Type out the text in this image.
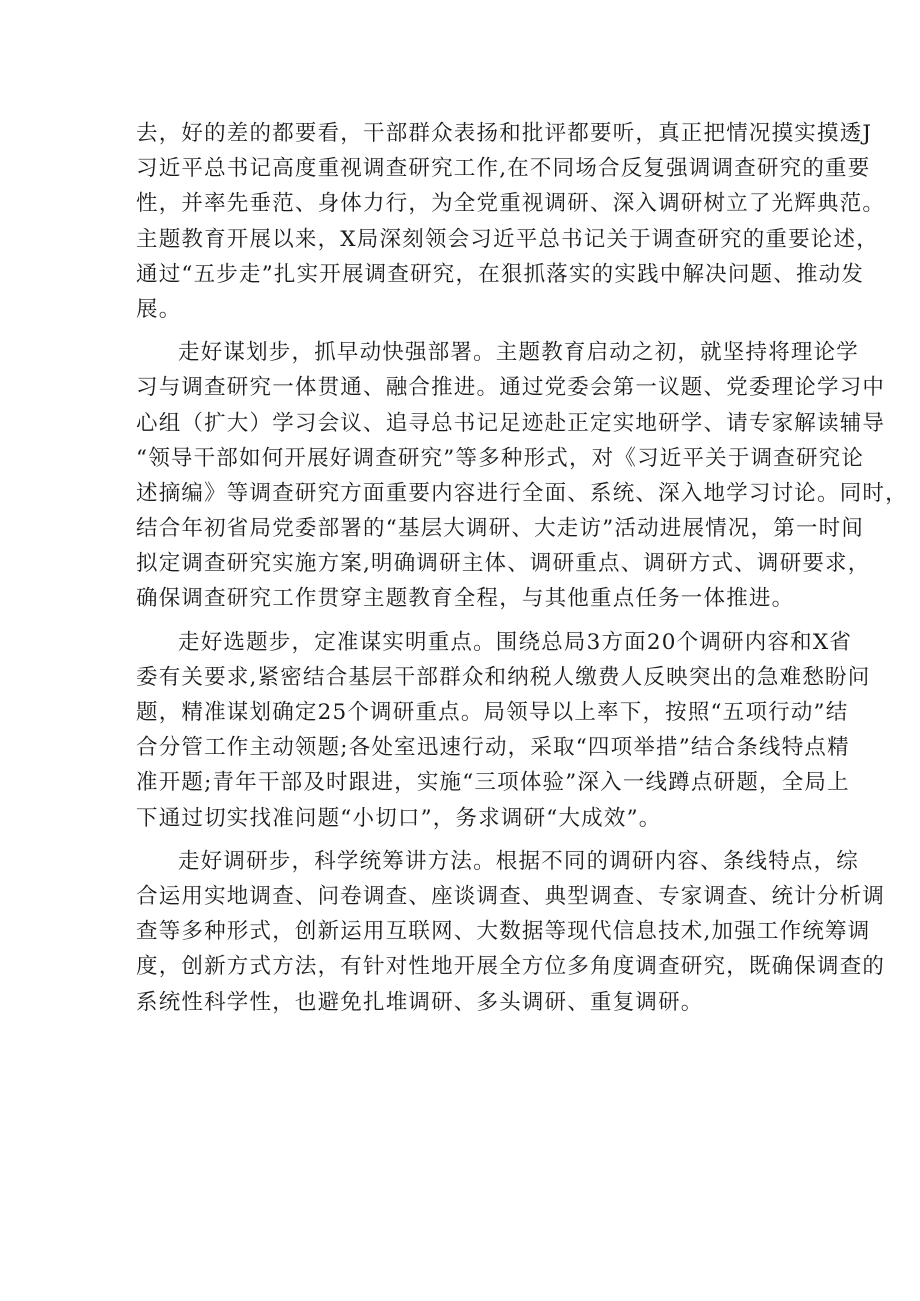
去，好的差的都要看，干部群众表扬和批评都要听，真正把情况摸实摸透J
习近平总书记高度重视调查研究工作,在不同场合反复强调调查研究的重要
性，并率先垂范、身体力行，为全党重视调研、深入调研树立了光辉典范。
主题教育开展以来，X局深刻领会习近平总书记关于调查研究的重要论述，
通过“五步走”扎实开展调查研究，在狠抓落实的实践中解决问题、推动发
展。
走好谋划步，抓早动快强部署。主题教育启动之初，就坚持将理论学
习与调查研究一体贯通、融合推进。通过党委会第一议题、党委理论学习中
心组（扩大）学习会议、追寻总书记足迹赴正定实地研学、请专家解读辅导
“领导干部如何开展好调查研究”等多种形式，对《习近平关于调查研究论
述摘编》等调查研究方面重要内容进行全面、系统、深入地学习讨论。同时，
结合年初省局党委部署的“基层大调研、大走访”活动进展情况，第一时间
拟定调查研究实施方案,明确调研主体、调研重点、调研方式、调研要求，
确保调查研究工作贯穿主题教育全程，与其他重点任务一体推进。
走好选题步，定准谋实明重点。围绕总局3方面20个调研内容和X省
委有关要求,紧密结合基层干部群众和纳税人缴费人反映突出的急难愁盼问
题，精准谋划确定25个调研重点。局领导以上率下，按照“五项行动”结
合分管工作主动领题;各处室迅速行动，采取“四项举措”结合条线特点精
准开题;青年干部及时跟进，实施“三项体验”深入一线蹲点研题，全局上
下通过切实找准问题“小切口”，务求调研“大成效”。
走好调研步，科学统筹讲方法。根据不同的调研内容、条线特点，综
合运用实地调查、问卷调查、座谈调查、典型调查、专家调查、统计分析调
查等多种形式，创新运用互联网、大数据等现代信息技术,加强工作统筹调
度，创新方式方法，有针对性地开展全方位多角度调查研究，既确保调查的
系统性科学性，也避免扎堆调研、多头调研、重复调研。
